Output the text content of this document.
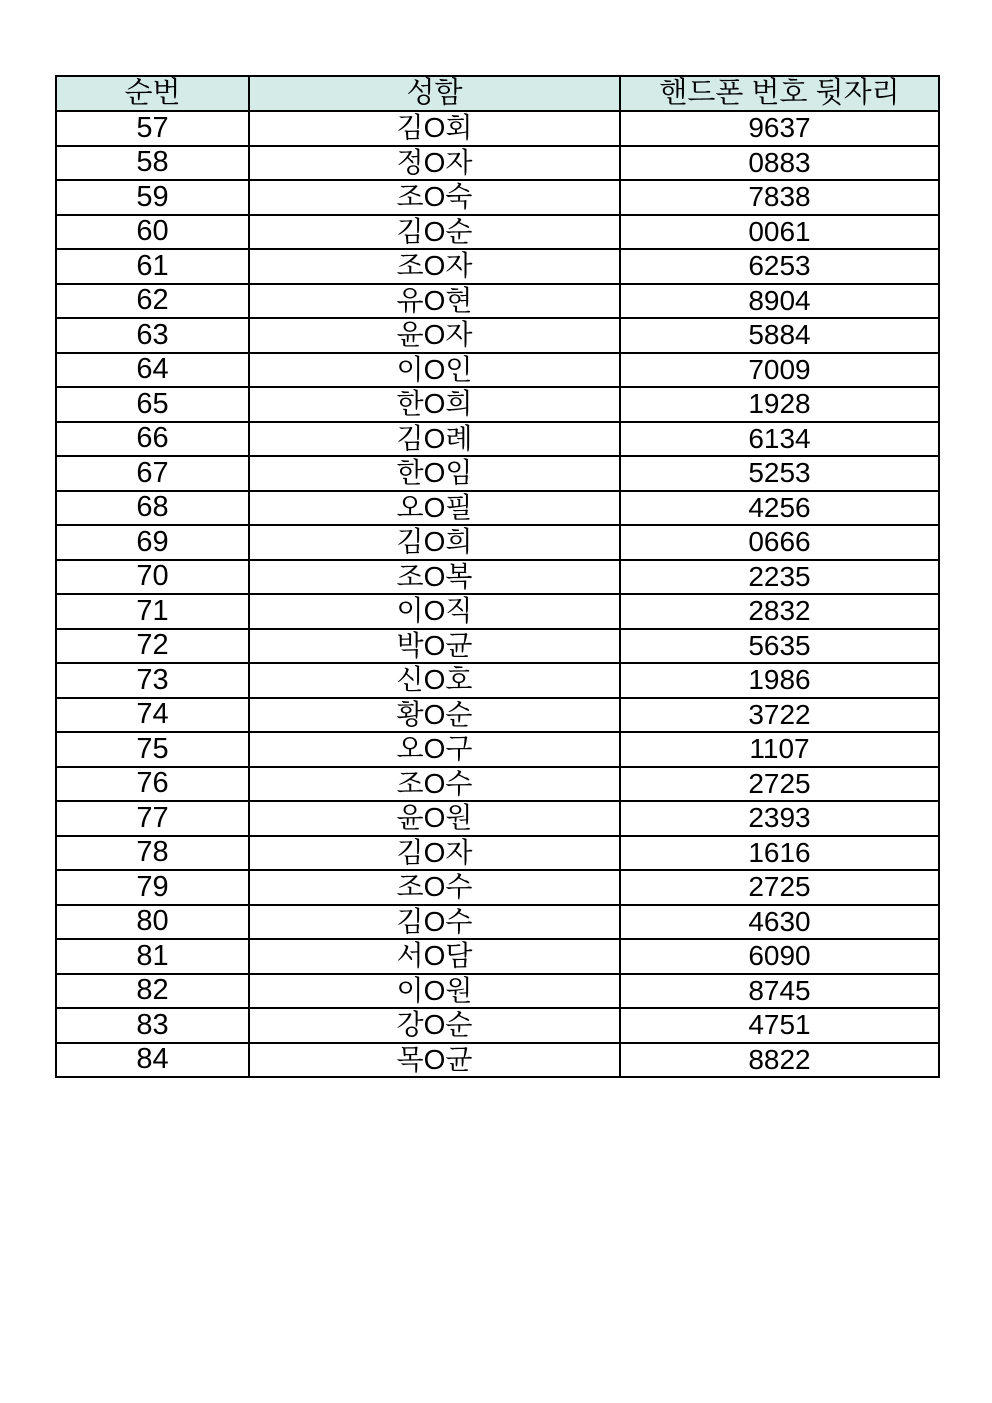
순번	성함	핸드폰 번호 뒷자리
57	김O회	9637
58	정O자	0883
59	조O숙	7838
60	김O순	0061
61	조O자	6253
62	유O현	8904
63	윤O자	5884
64	이O인	7009
65	한O희	1928
66	김O례	6134
67	한O임	5253
68	오O필	4256
69	김O희	0666
70	조O복	2235
71	이O직	2832
72	박O균	5635
73	신O호	1986
74	황O순	3722
75	오O구	1107
76	조O수	2725
77	윤O원	2393
78	김O자	1616
79	조O수	2725
80	김O수	4630
81	서O담	6090
82	이O원	8745
83	강O순	4751
84	목O균	8822
